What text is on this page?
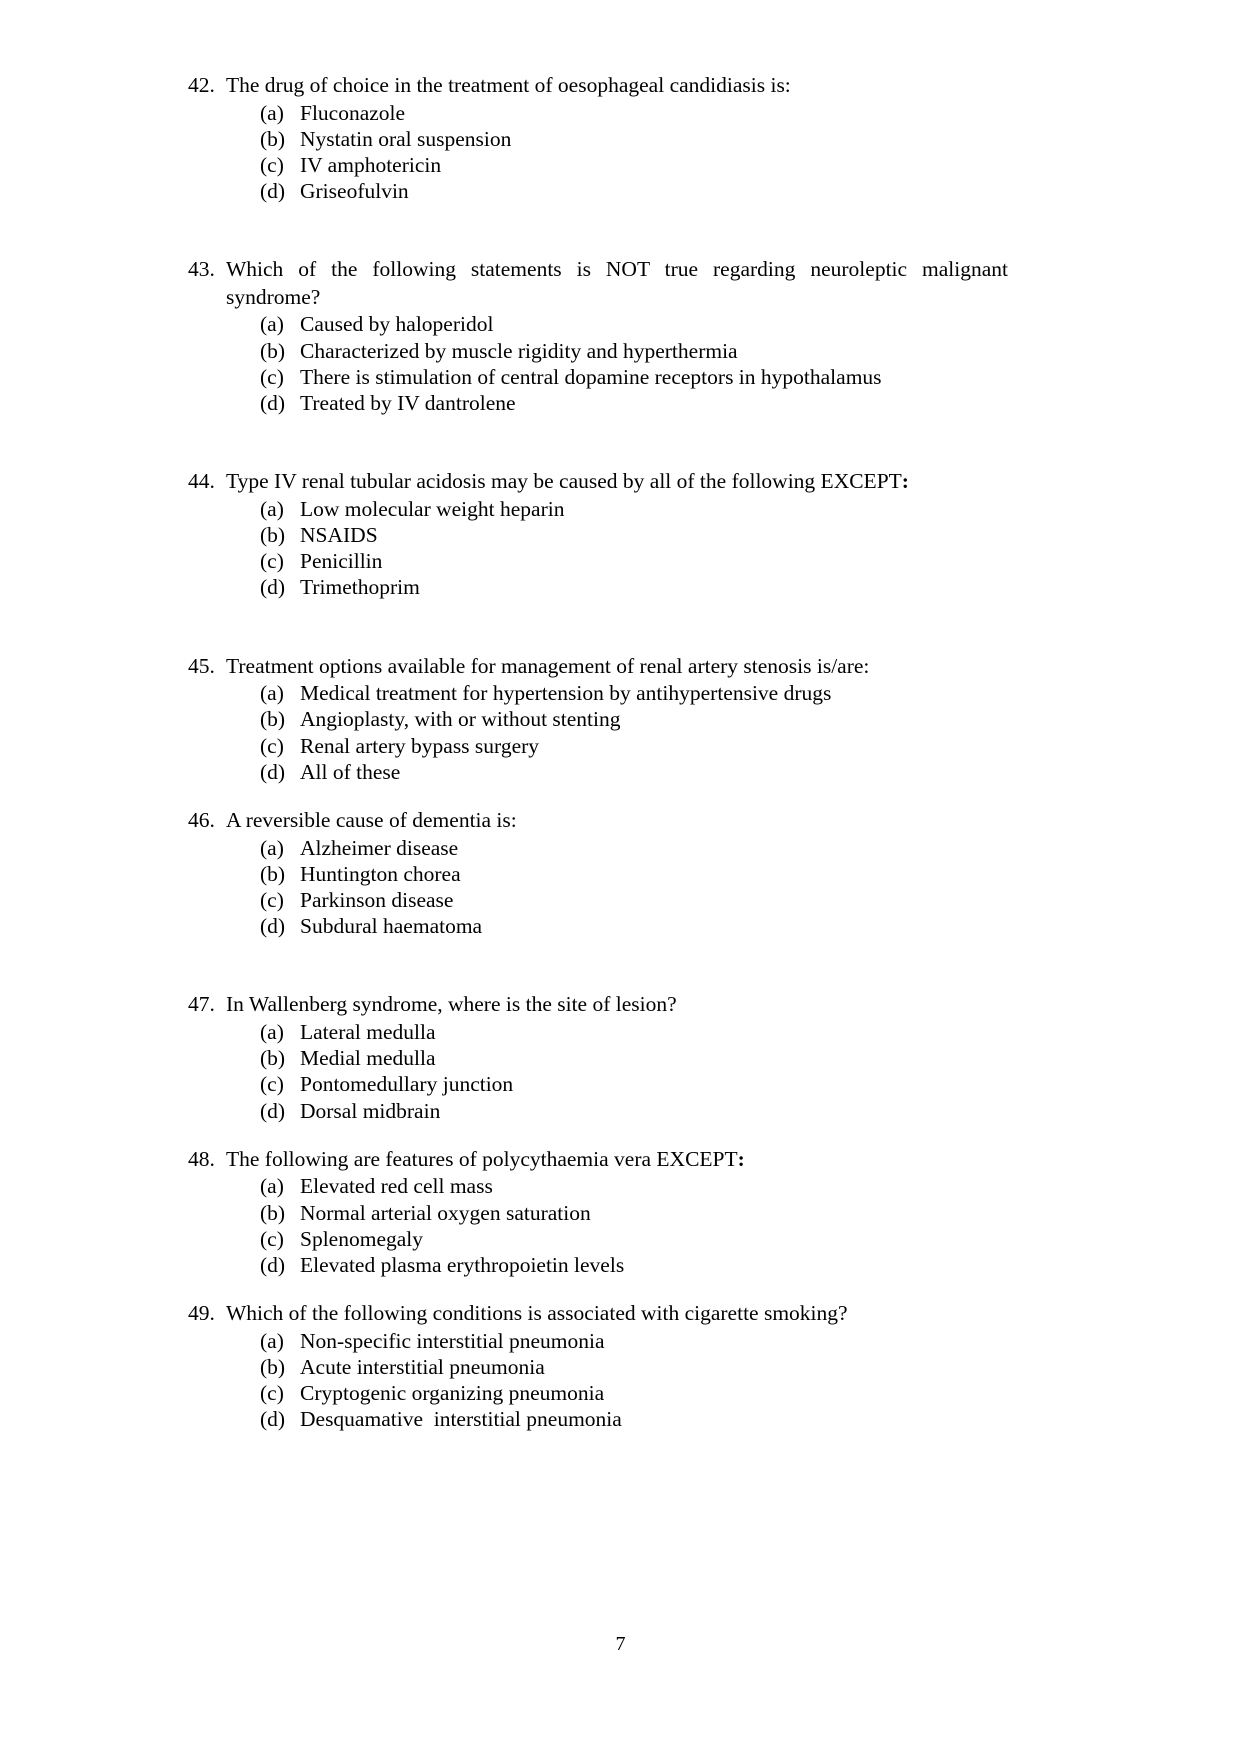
42. The drug of choice in the treatment of oesophageal candidiasis is:

(a) Fluconazole
(b) Nystatin oral suspension
(c) IV amphotericin
(d) Griseofulvin

43. Which of the following statements is NOT true regarding neuroleptic malignant syndrome?

(a) Caused by haloperidol
(b) Characterized by muscle rigidity and hyperthermia
(c) There is stimulation of central dopamine receptors in hypothalamus
(d) Treated by IV dantrolene

44. Type IV renal tubular acidosis may be caused by all of the following EXCEPT:

(a) Low molecular weight heparin
(b) NSAIDS
(c) Penicillin
(d) Trimethoprim

45. Treatment options available for management of renal artery stenosis is/are:

(a) Medical treatment for hypertension by antihypertensive drugs
(b) Angioplasty, with or without stenting
(c) Renal artery bypass surgery
(d) All of these

46. A reversible cause of dementia is:

(a) Alzheimer disease
(b) Huntington chorea
(c) Parkinson disease
(d) Subdural haematoma

47. In Wallenberg syndrome, where is the site of lesion?

(a) Lateral medulla
(b) Medial medulla
(c) Pontomedullary junction
(d) Dorsal midbrain

48. The following are features of polycythaemia vera EXCEPT:

(a) Elevated red cell mass
(b) Normal arterial oxygen saturation
(c) Splenomegaly
(d) Elevated plasma erythropoietin levels

49. Which of the following conditions is associated with cigarette smoking?

(a) Non-specific interstitial pneumonia
(b) Acute interstitial pneumonia
(c) Cryptogenic organizing pneumonia
(d) Desquamative  interstitial pneumonia
7
